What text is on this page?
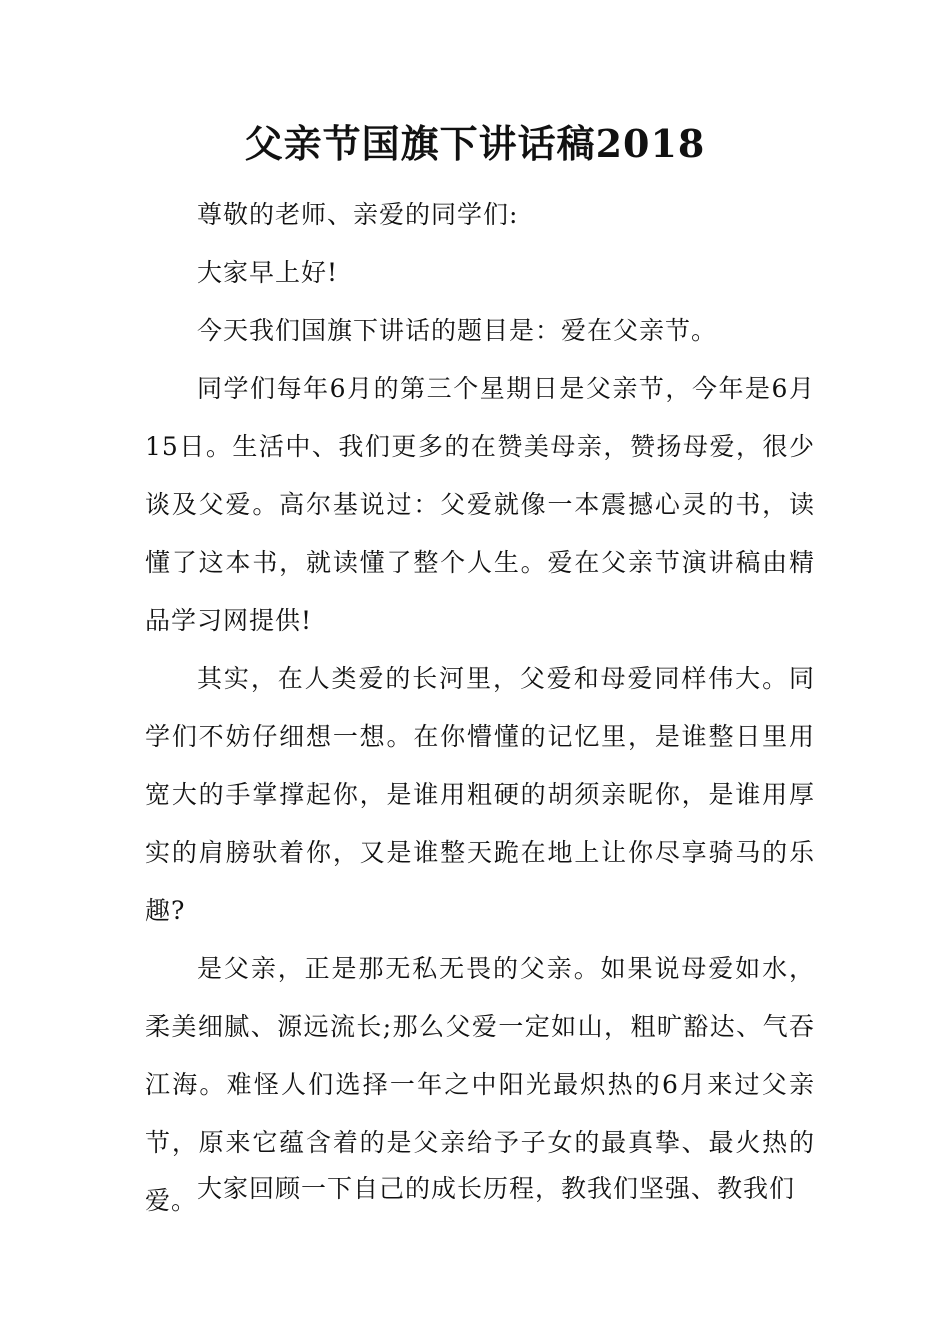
父亲节国旗下讲话稿2018

尊敬的老师、亲爱的同学们:

大家早上好!

今天我们国旗下讲话的题目是：爱在父亲节。

同学们每年6月的第三个星期日是父亲节，今年是6月15日。生活中、我们更多的在赞美母亲，赞扬母爱，很少谈及父爱。高尔基说过：父爱就像一本震撼心灵的书，读懂了这本书，就读懂了整个人生。爱在父亲节演讲稿由精品学习网提供!

其实，在人类爱的长河里，父爱和母爱同样伟大。同学们不妨仔细想一想。在你懵懂的记忆里，是谁整日里用宽大的手掌撑起你，是谁用粗硬的胡须亲昵你，是谁用厚实的肩膀驮着你，又是谁整天跪在地上让你尽享骑马的乐趣?

是父亲，正是那无私无畏的父亲。如果说母爱如水，柔美细腻、源远流长;那么父爱一定如山，粗旷豁达、气吞江海。难怪人们选择一年之中阳光最炽热的6月来过父亲节，原来它蕴含着的是父亲给予子女的最真挚、最火热的爱。 大家回顾一下自己的成长历程，教我们坚强、教我们
